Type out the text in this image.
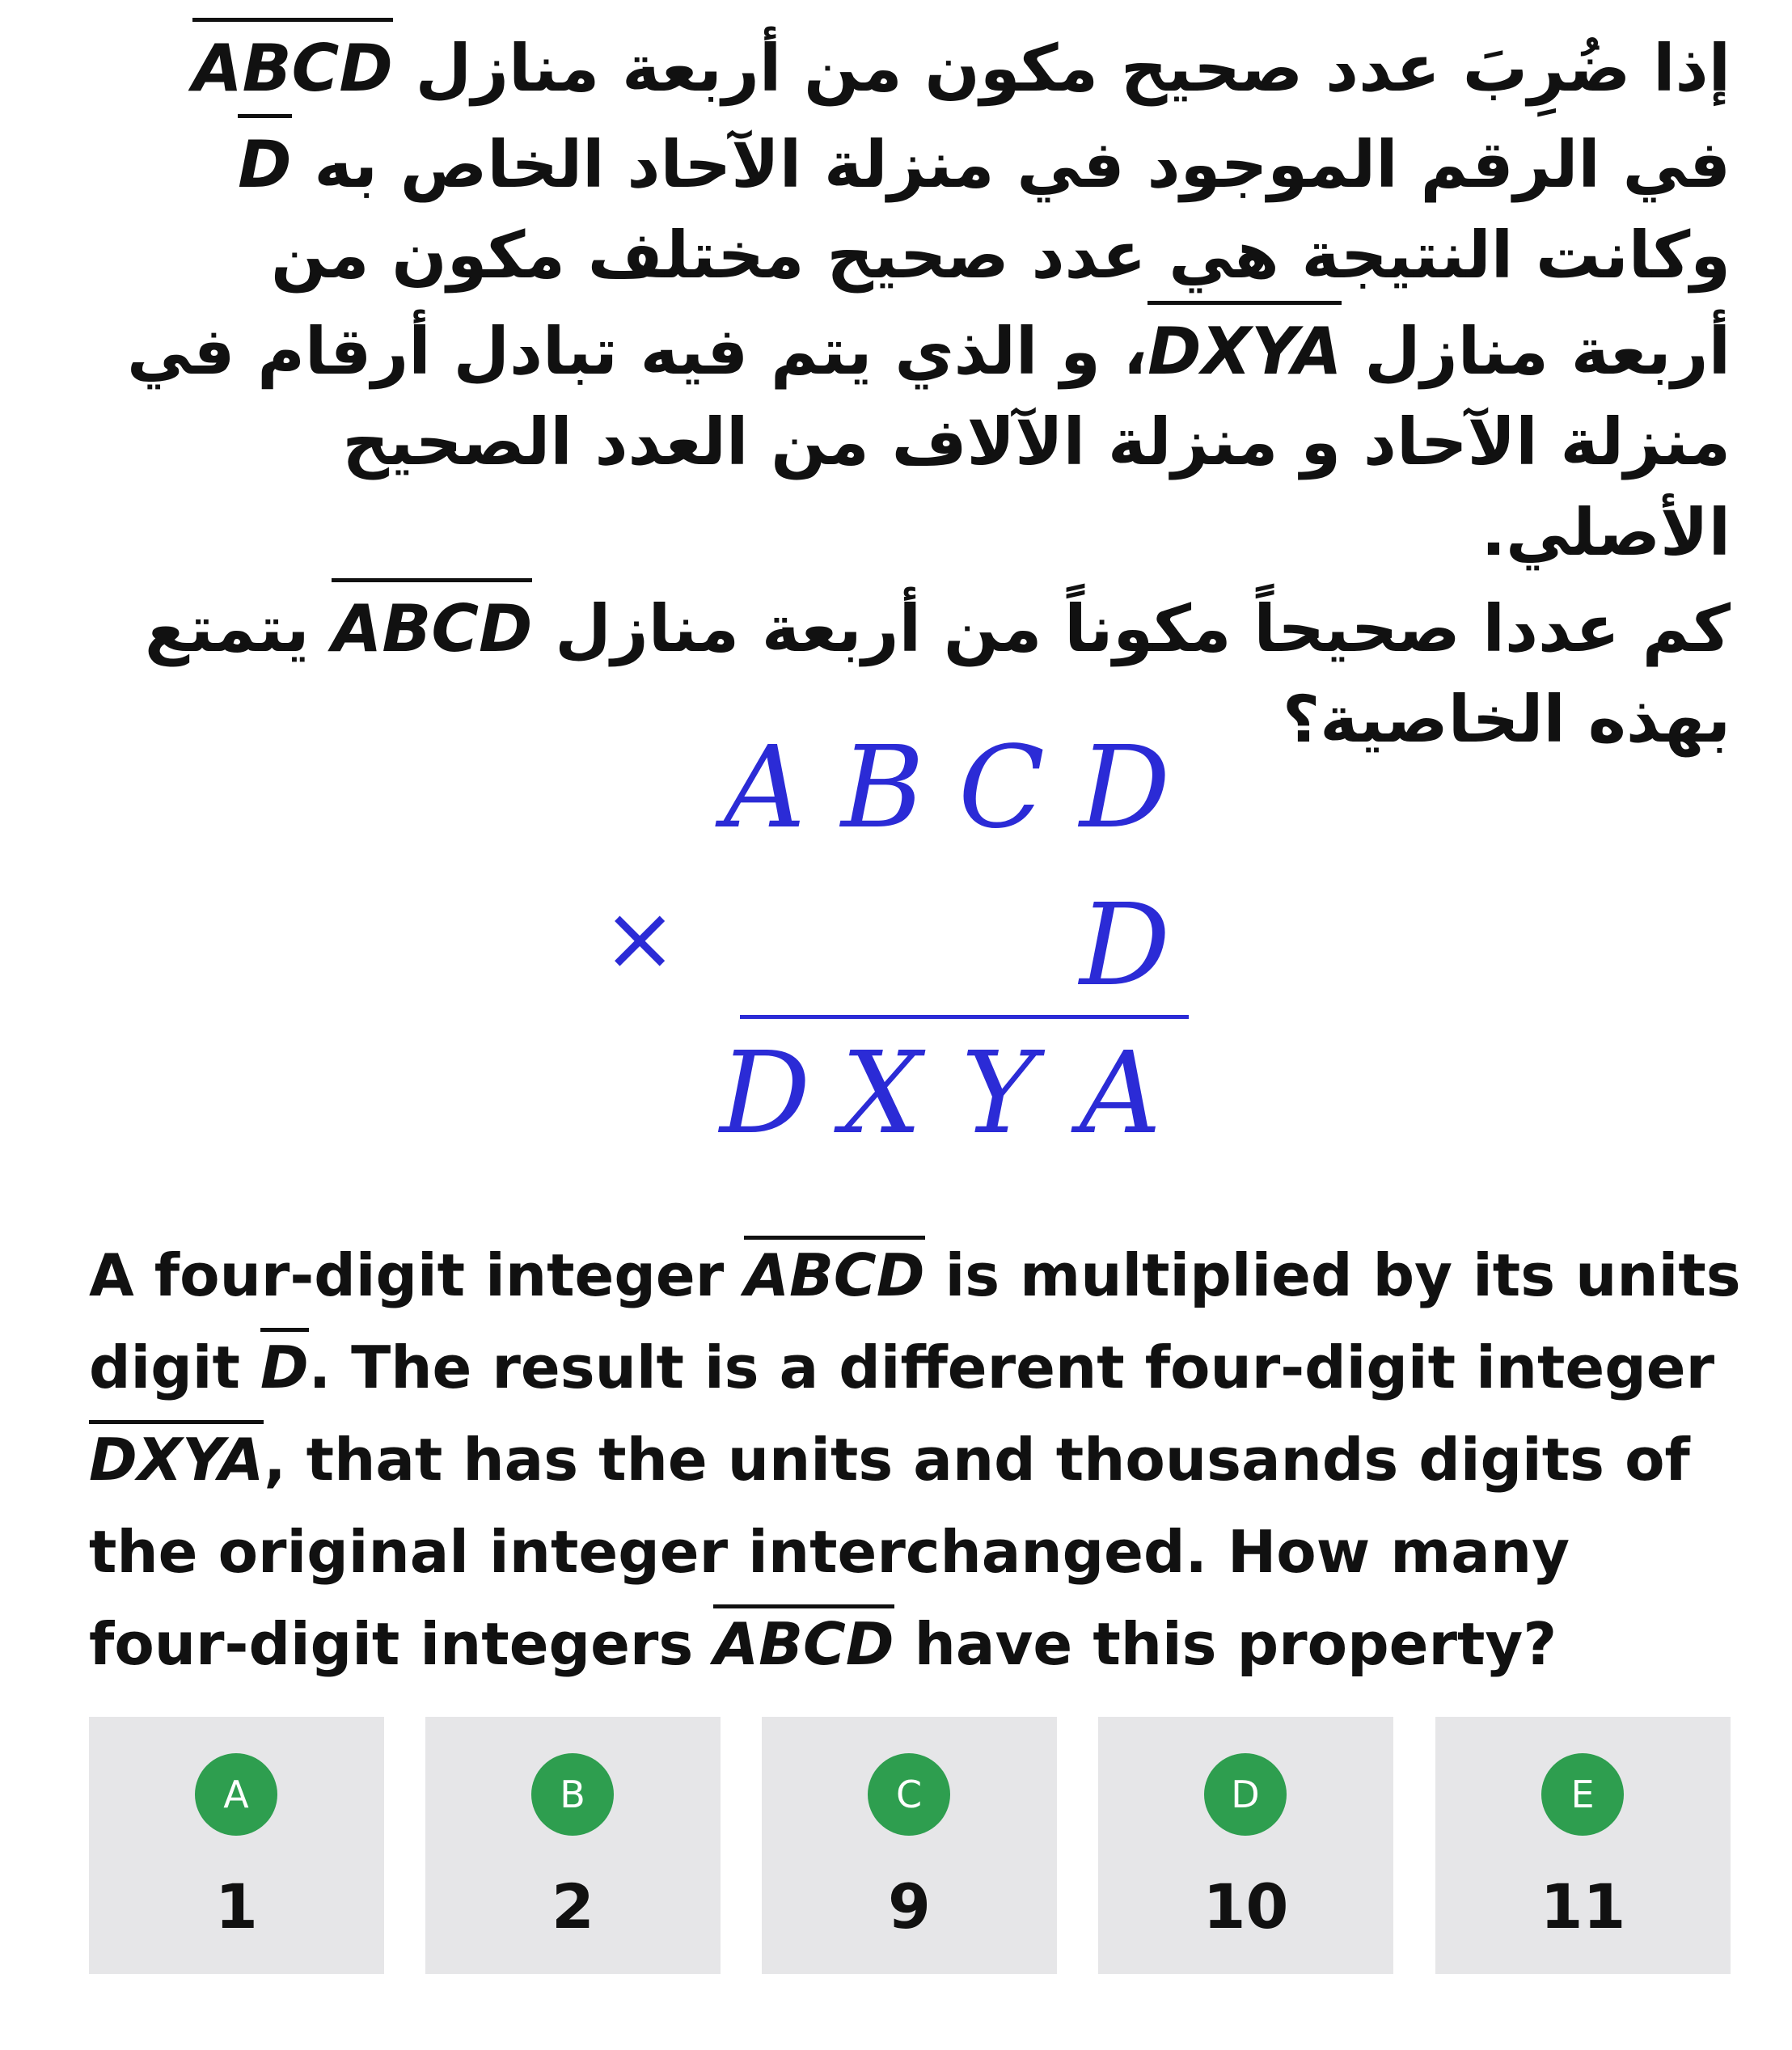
إذا ضُرِبَ عدد صحيح مكون من أربعة منازل ABCD في الرقم الموجود في منزلة الآحاد الخاص به D وكانت النتيجة هي عدد صحيح مختلف مكون من أربعة منازل DXYA، و الذي يتم فيه تبادل أرقام في منزلة الآحاد و منزلة الآلاف من العدد الصحيح الأصلي.

كم عددا صحيحاً مكوناً من أربعة منازل ABCD يتمتع بهذه الخاصية؟

A B C D
×	D
D X Y A

A four-digit integer ABCD is multiplied by its units digit D. The result is a different four-digit integer DXYA, that has the units and thousands digits of the original integer interchanged. How many four-digit integers ABCD have this property?

A
1
B
2
C
9
D
10
E
11
